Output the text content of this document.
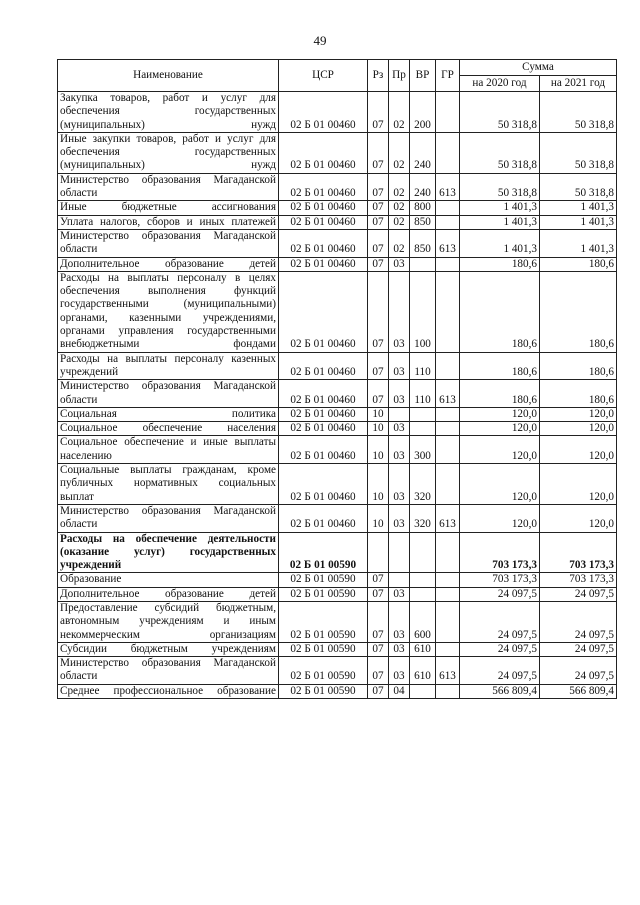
49
Наименование	ЦСР	Рз	Пр	ВР	ГР	Сумма	
						на 2020 год	на 2021 год
Закупка товаров, работ и услуг для обеспечения государственных (муниципальных) нужд	02 Б 01 00460	07	02	200		50 318,8	50 318,8
Иные закупки товаров, работ и услуг для обеспечения государственных (муниципальных) нужд	02 Б 01 00460	07	02	240		50 318,8	50 318,8
Министерство образования Магаданской области	02 Б 01 00460	07	02	240	613	50 318,8	50 318,8
Иные бюджетные ассигнования	02 Б 01 00460	07	02	800		1 401,3	1 401,3
Уплата налогов, сборов и иных платежей	02 Б 01 00460	07	02	850		1 401,3	1 401,3
Министерство образования Магаданской области	02 Б 01 00460	07	02	850	613	1 401,3	1 401,3
Дополнительное образование детей	02 Б 01 00460	07	03			180,6	180,6
Расходы на выплаты персоналу в целях обеспечения выполнения функций государственными (муниципальными) органами, казенными учреждениями, органами управления государственными внебюджетными фондами	02 Б 01 00460	07	03	100		180,6	180,6
Расходы на выплаты персоналу казенных учреждений	02 Б 01 00460	07	03	110		180,6	180,6
Министерство образования Магаданской области	02 Б 01 00460	07	03	110	613	180,6	180,6
Социальная политика	02 Б 01 00460	10				120,0	120,0
Социальное обеспечение населения	02 Б 01 00460	10	03			120,0	120,0
Социальное обеспечение и иные выплаты населению	02 Б 01 00460	10	03	300		120,0	120,0
Социальные выплаты гражданам, кроме публичных нормативных социальных выплат	02 Б 01 00460	10	03	320		120,0	120,0
Министерство образования Магаданской области	02 Б 01 00460	10	03	320	613	120,0	120,0
Расходы на обеспечение деятельности (оказание услуг) государственных учреждений	02 Б 01 00590					703 173,3	703 173,3
Образование	02 Б 01 00590	07				703 173,3	703 173,3
Дополнительное образование детей	02 Б 01 00590	07	03			24 097,5	24 097,5
Предоставление субсидий бюджетным, автономным учреждениям и иным некоммерческим организациям	02 Б 01 00590	07	03	600		24 097,5	24 097,5
Субсидии бюджетным учреждениям	02 Б 01 00590	07	03	610		24 097,5	24 097,5
Министерство образования Магаданской области	02 Б 01 00590	07	03	610	613	24 097,5	24 097,5
Среднее профессиональное образование	02 Б 01 00590	07	04			566 809,4	566 809,4
